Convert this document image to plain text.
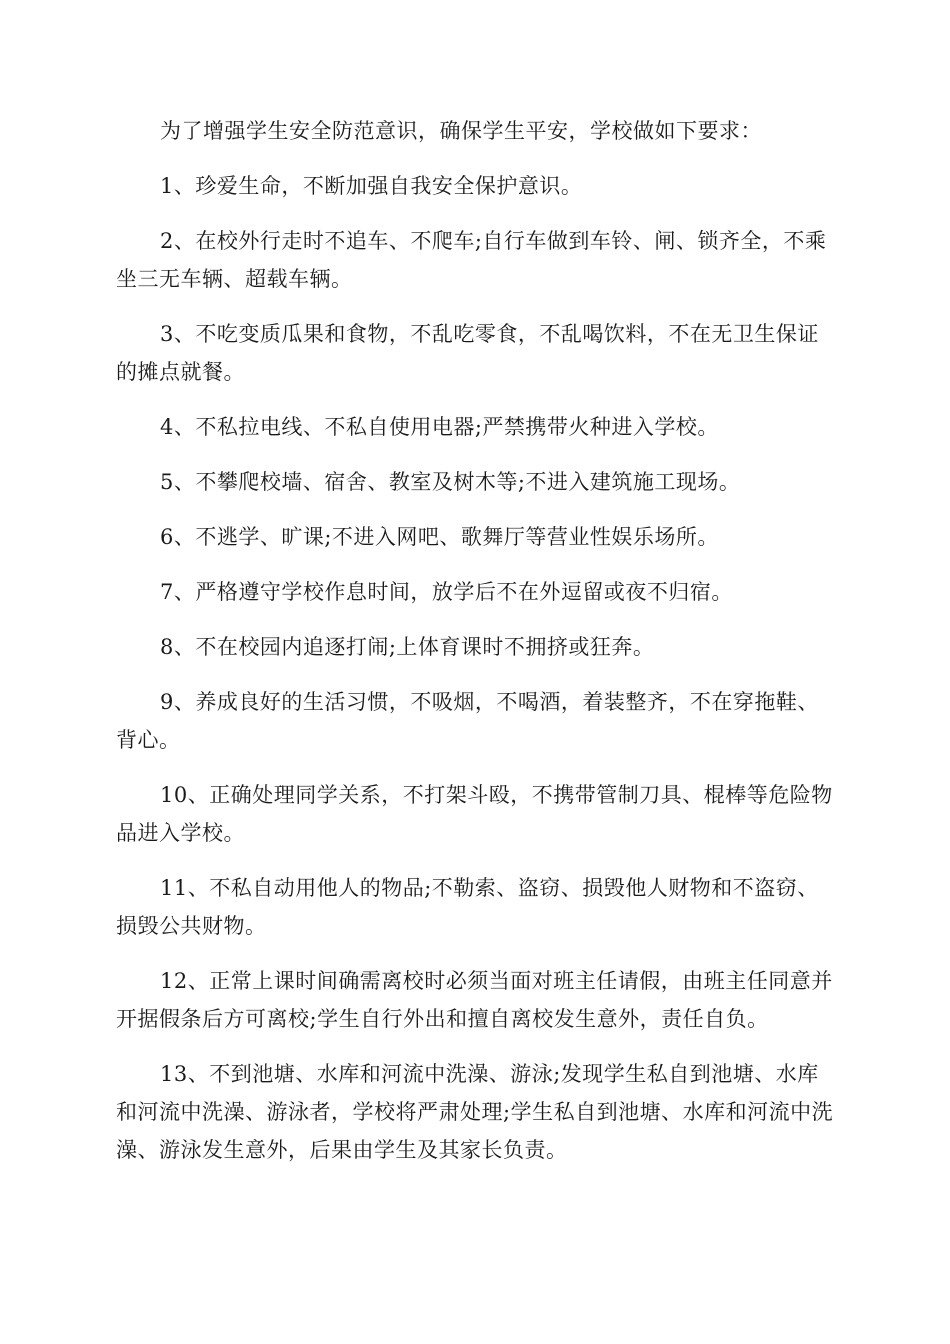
为了增强学生安全防范意识，确保学生平安，学校做如下要求：

1、珍爱生命，不断加强自我安全保护意识。

2、在校外行走时不追车、不爬车;自行车做到车铃、闸、锁齐全，不乘坐三无车辆、超载车辆。

3、不吃变质瓜果和食物，不乱吃零食，不乱喝饮料，不在无卫生保证的摊点就餐。

4、不私拉电线、不私自使用电器;严禁携带火种进入学校。

5、不攀爬校墙、宿舍、教室及树木等;不进入建筑施工现场。

6、不逃学、旷课;不进入网吧、歌舞厅等营业性娱乐场所。

7、严格遵守学校作息时间，放学后不在外逗留或夜不归宿。

8、不在校园内追逐打闹;上体育课时不拥挤或狂奔。

9、养成良好的生活习惯，不吸烟，不喝酒，着装整齐，不在穿拖鞋、背心。

10、正确处理同学关系，不打架斗殴，不携带管制刀具、棍棒等危险物品进入学校。

11、不私自动用他人的物品;不勒索、盗窃、损毁他人财物和不盗窃、损毁公共财物。

12、正常上课时间确需离校时必须当面对班主任请假，由班主任同意并开据假条后方可离校;学生自行外出和擅自离校发生意外，责任自负。

13、不到池塘、水库和河流中洗澡、游泳;发现学生私自到池塘、水库和河流中洗澡、游泳者，学校将严肃处理;学生私自到池塘、水库和河流中洗澡、游泳发生意外，后果由学生及其家长负责。
